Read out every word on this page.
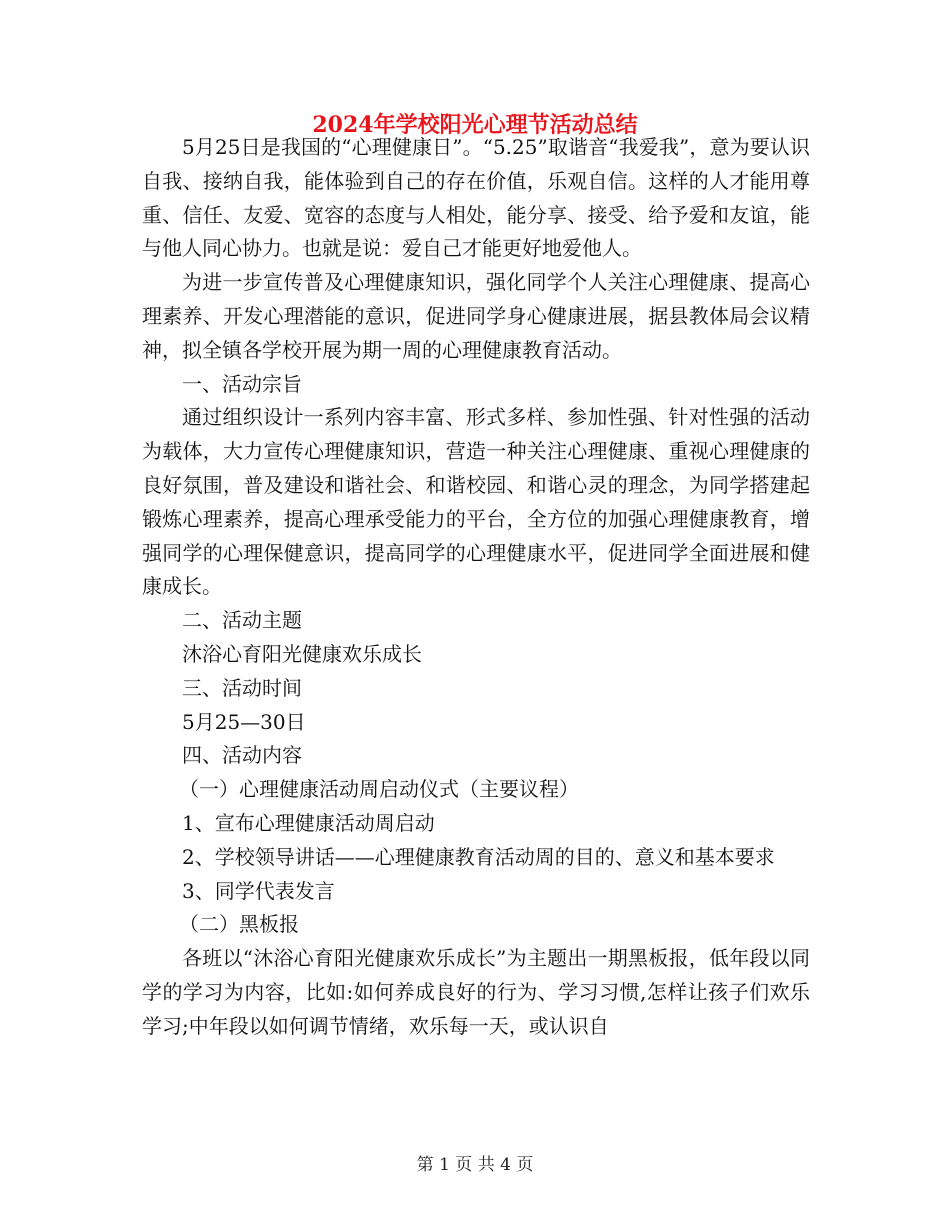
2024年学校阳光心理节活动总结

5月25日是我国的“心理健康日”。“5.25”取谐音“我爱我”，意为要认识自我、接纳自我，能体验到自己的存在价值，乐观自信。这样的人才能用尊重、信任、友爱、宽容的态度与人相处，能分享、接受、给予爱和友谊，能与他人同心协力。也就是说：爱自己才能更好地爱他人。

为进一步宣传普及心理健康知识，强化同学个人关注心理健康、提高心理素养、开发心理潜能的意识，促进同学身心健康进展，据县教体局会议精神，拟全镇各学校开展为期一周的心理健康教育活动。

一、活动宗旨

通过组织设计一系列内容丰富、形式多样、参加性强、针对性强的活动为载体，大力宣传心理健康知识，营造一种关注心理健康、重视心理健康的良好氛围，普及建设和谐社会、和谐校园、和谐心灵的理念，为同学搭建起锻炼心理素养，提高心理承受能力的平台，全方位的加强心理健康教育，增强同学的心理保健意识，提高同学的心理健康水平，促进同学全面进展和健康成长。

二、活动主题

沐浴心育阳光健康欢乐成长

三、活动时间

5月25—30日

四、活动内容

（一）心理健康活动周启动仪式（主要议程）

1、宣布心理健康活动周启动

2、学校领导讲话——心理健康教育活动周的目的、意义和基本要求

3、同学代表发言

（二）黑板报

各班以“沐浴心育阳光健康欢乐成长”为主题出一期黑板报，低年段以同学的学习为内容，比如:如何养成良好的行为、学习习惯,怎样让孩子们欢乐学习;中年段以如何调节情绪，欢乐每一天，或认识自

第 1 页 共 4 页
